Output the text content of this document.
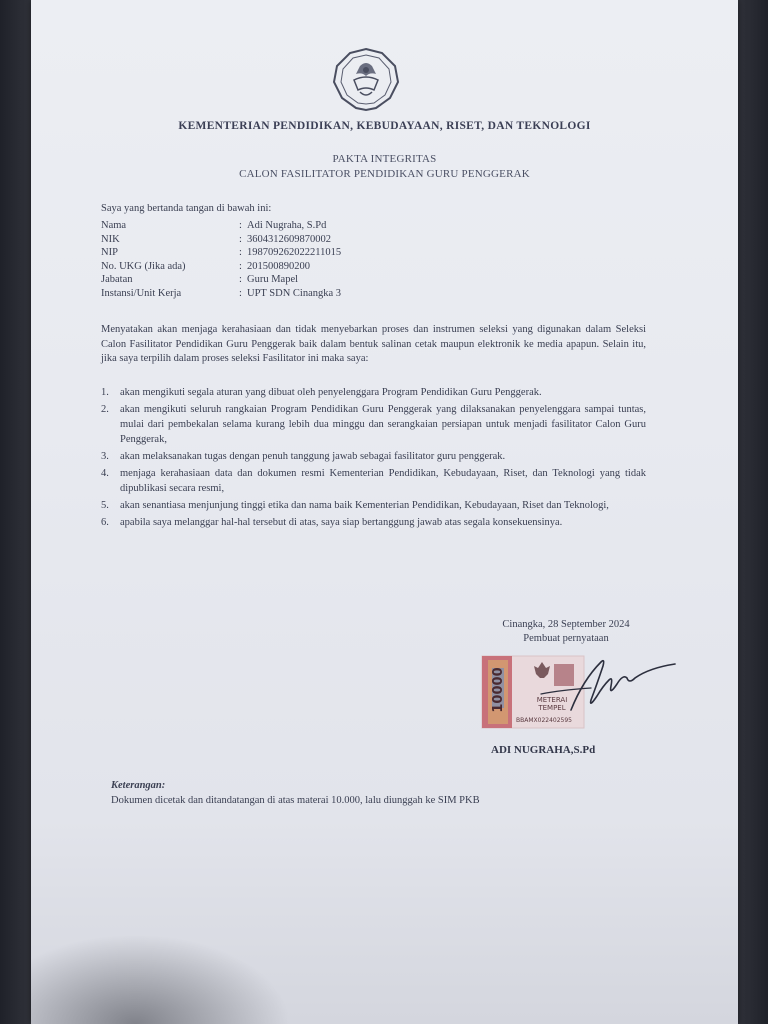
KEMENTERIAN PENDIDIKAN, KEBUDAYAAN, RISET, DAN TEKNOLOGI
PAKTA INTEGRITAS
CALON FASILITATOR PENDIDIKAN GURU PENGGERAK
Saya yang bertanda tangan di bawah ini:
Nama	: Adi Nugraha, S.Pd
NIK	: 3604312609870002
NIP	: 198709262022211015
No. UKG (Jika ada)	: 201500890200
Jabatan	: Guru Mapel
Instansi/Unit Kerja	: UPT SDN Cinangka 3
Menyatakan akan menjaga kerahasiaan dan tidak menyebarkan proses dan instrumen seleksi yang digunakan dalam Seleksi Calon Fasilitator Pendidikan Guru Penggerak baik dalam bentuk salinan cetak maupun elektronik ke media apapun. Selain itu, jika saya terpilih dalam proses seleksi Fasilitator ini maka saya:
1.	akan mengikuti segala aturan yang dibuat oleh penyelenggara Program Pendidikan Guru Penggerak.
2.	akan mengikuti seluruh rangkaian Program Pendidikan Guru Penggerak yang dilaksanakan penyelenggara sampai tuntas, mulai dari pembekalan selama kurang lebih dua minggu dan serangkaian persiapan untuk menjadi fasilitator Calon Guru Penggerak,
3.	akan melaksanakan tugas dengan penuh tanggung jawab sebagai fasilitator guru penggerak.
4.	menjaga kerahasiaan data dan dokumen resmi Kementerian Pendidikan, Kebudayaan, Riset, dan Teknologi yang tidak dipublikasi secara resmi,
5.	akan senantiasa menjunjung tinggi etika dan nama baik Kementerian Pendidikan, Kebudayaan, Riset dan Teknologi,
6.	apabila saya melanggar hal-hal tersebut di atas, saya siap bertanggung jawab atas segala konsekuensinya.
Cinangka, 28 September 2024
Pembuat pernyataan
10000	METERAI
TEMPEL
BBAMX022402595
ADI NUGRAHA,S.Pd
Keterangan:
Dokumen dicetak dan ditandatangan di atas materai 10.000, lalu diunggah ke SIM PKB
